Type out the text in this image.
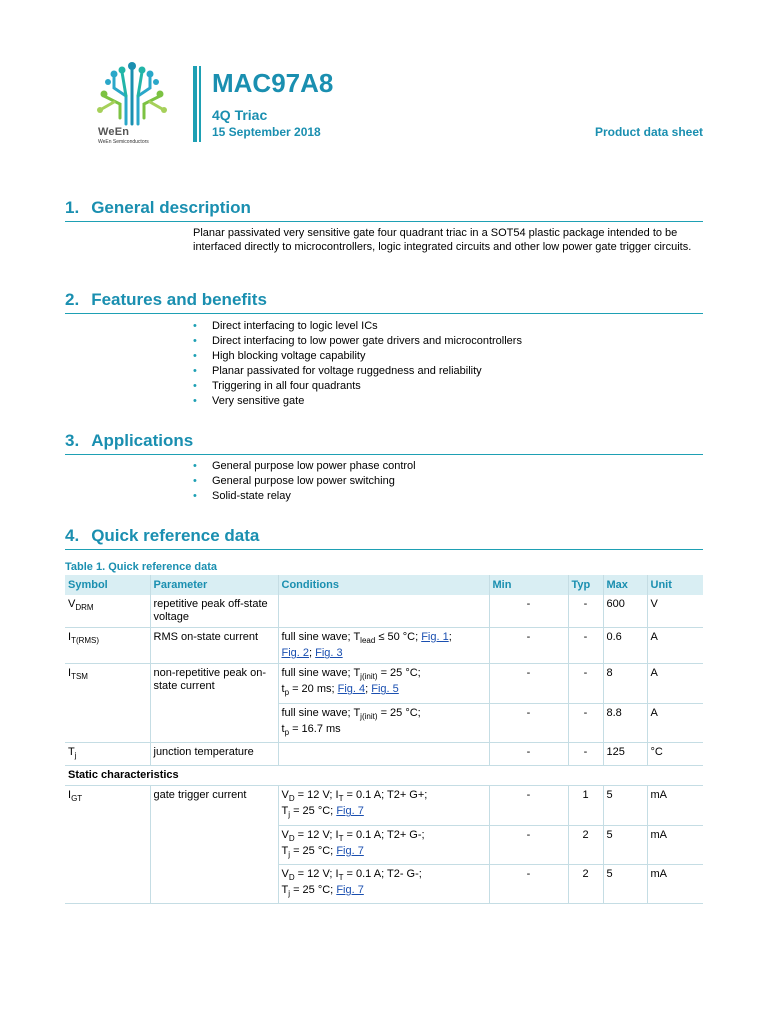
WeEn
WeEn Semiconductors
MAC97A8
4Q Triac
15 September 2018	Product data sheet
1. General description
Planar passivated very sensitive gate four quadrant triac in a SOT54 plastic package intended to be interfaced directly to microcontrollers, logic integrated circuits and other low power gate trigger circuits.
2. Features and benefits
• Direct interfacing to logic level ICs
• Direct interfacing to low power gate drivers and microcontrollers
• High blocking voltage capability
• Planar passivated for voltage ruggedness and reliability
• Triggering in all four quadrants
• Very sensitive gate
3. Applications
• General purpose low power phase control
• General purpose low power switching
• Solid-state relay
4. Quick reference data
Table 1. Quick reference data
Symbol	Parameter	Conditions	Min	Typ	Max	Unit
$V_{DRM}$	repetitive peak off-state voltage		-	-	600	V
$I_{T(RMS)}$	RMS on-state current	full sine wave; $T_{lead} \le 50$ °C; Fig. 1;
Fig. 2; Fig. 3	-	-	0.6	A
$I_{TSM}$	non-repetitive peak on-state current	full sine wave; $T_{j(init)} = 25$ °C;
$t_p = 20$ ms; Fig. 4; Fig. 5	-	-	8	A
		full sine wave; $T_{j(init)} = 25$ °C;
$t_p = 16.7$ ms	-	-	8.8	A
$T_j$	junction temperature		-	-	125	°C
Static characteristics						
$I_{GT}$	gate trigger current	$V_D = 12$ V; $I_T = 0.1$ A; T2+ G+;
$T_j = 25$ °C; Fig. 7	-	1	5	mA
		$V_D = 12$ V; $I_T = 0.1$ A; T2+ G-;
$T_j = 25$ °C; Fig. 7	-	2	5	mA
		$V_D = 12$ V; $I_T = 0.1$ A; T2- G-;
$T_j = 25$ °C; Fig. 7	-	2	5	mA
